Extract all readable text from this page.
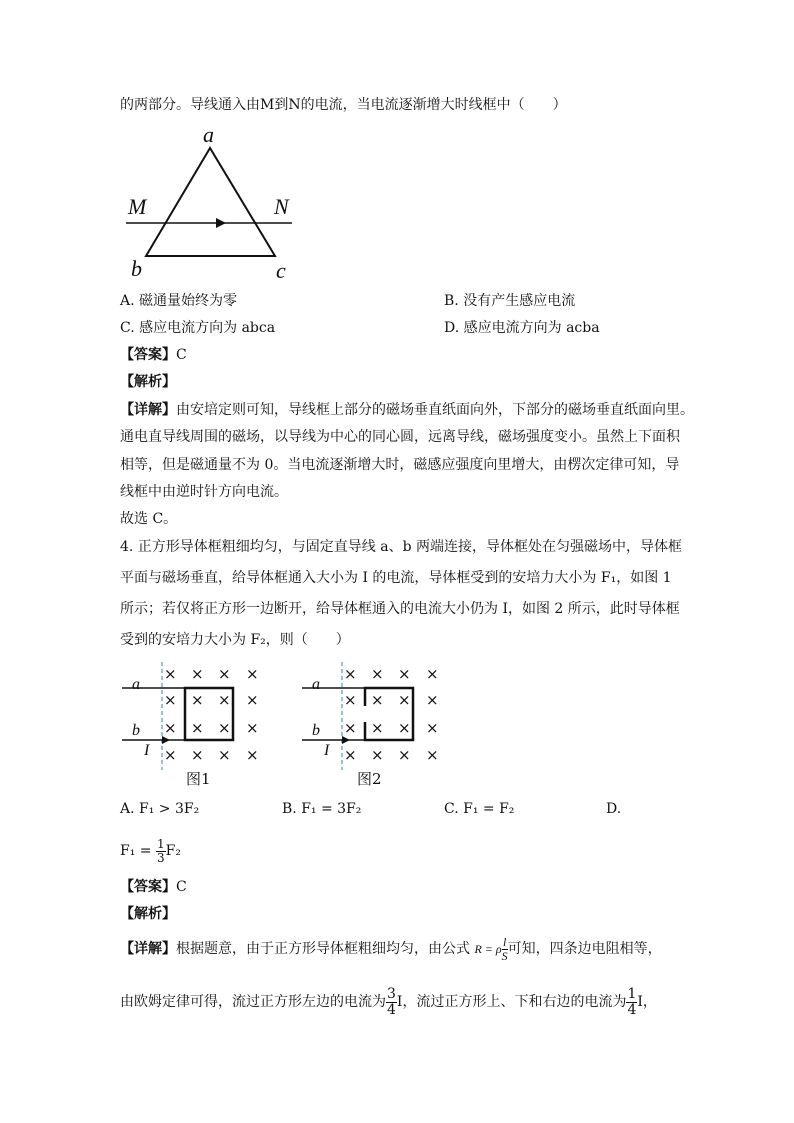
的两部分。导线通入由M到N的电流，当电流逐渐增大时线框中（　　）
a
M	N
b	c
A. 磁通量始终为零	B. 没有产生感应电流
C. 感应电流方向为 abca	D. 感应电流方向为 acba
【答案】C
【解析】
【详解】由安培定则可知，导线框上部分的磁场垂直纸面向外，下部分的磁场垂直纸面向里。
通电直导线周围的磁场，以导线为中心的同心圆，远离导线，磁场强度变小。虽然上下面积
相等，但是磁通量不为 0。当电流逐渐增大时，磁感应强度向里增大，由楞次定律可知，导
线框中由逆时针方向电流。
故选 C。
4. 正方形导体框粗细均匀，与固定直导线 a、b 两端连接，导体框处在匀强磁场中，导体框
平面与磁场垂直，给导体框通入大小为 I 的电流，导体框受到的安培力大小为 F₁，如图 1
所示；若仅将正方形一边断开，给导体框通入的电流大小仍为 I，如图 2 所示，此时导体框
受到的安培力大小为 F₂，则（　　）
× × × ×
× × × ×
× × × ×
× × × ×
a
b
I
图1
× × × ×
× × × ×
× × × ×
× × × ×
a
b
I
图2
A. F₁ > 3F₂	B. F₁ = 3F₂	C. F₁ = F₂	D.
$F_1 = \frac{1}{3} F_2$
【答案】C
【解析】
【详解】根据题意，由于正方形导体框粗细均匀，由公式 R = ρ $\frac{l}{S}$ 可知，四条边电阻相等，
由欧姆定律可得，流过正方形左边的电流为 $\frac{3}{4}$ I，流过正方形上、下和右边的电流为 $\frac{1}{4}$ I，
